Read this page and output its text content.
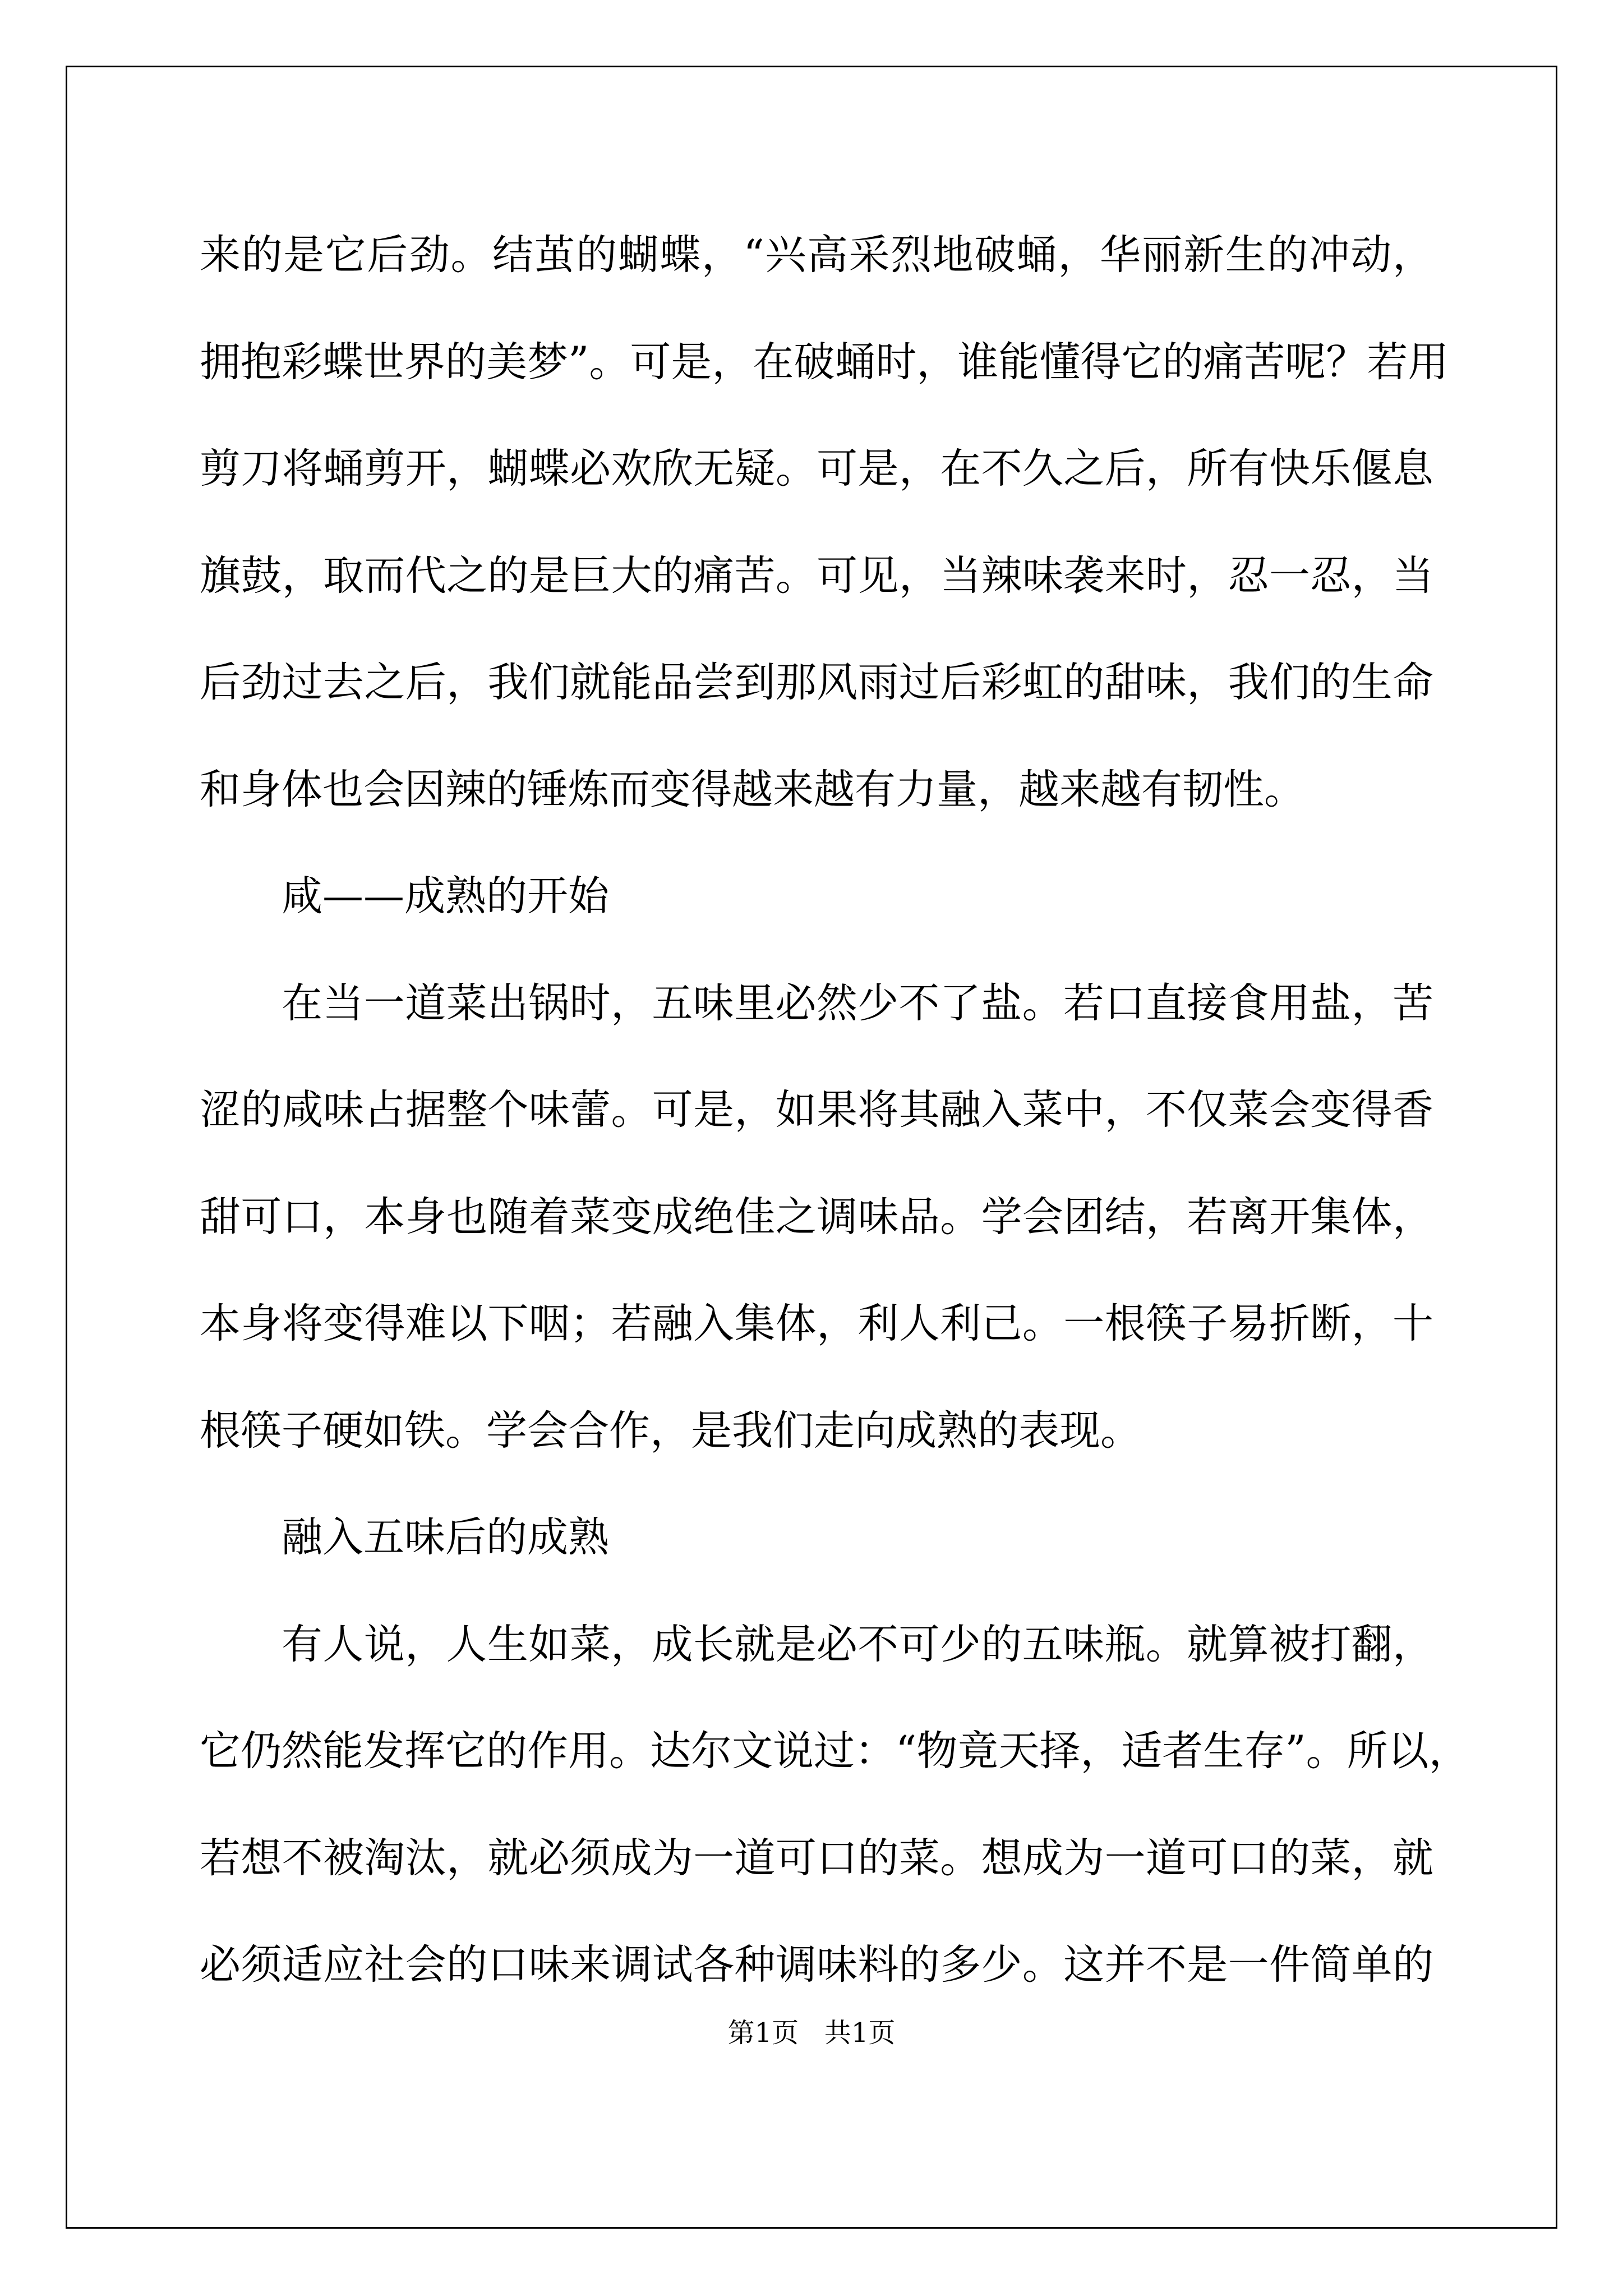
来的是它后劲。结茧的蝴蝶，“兴高采烈地破蛹，华丽新生的冲动，
拥抱彩蝶世界的美梦”。可是，在破蛹时，谁能懂得它的痛苦呢？若用
剪刀将蛹剪开，蝴蝶必欢欣无疑。可是，在不久之后，所有快乐偃息
旗鼓，取而代之的是巨大的痛苦。可见，当辣味袭来时，忍一忍，当
后劲过去之后，我们就能品尝到那风雨过后彩虹的甜味，我们的生命
和身体也会因辣的锤炼而变得越来越有力量，越来越有韧性。
咸——成熟的开始
在当一道菜出锅时，五味里必然少不了盐。若口直接食用盐，苦
涩的咸味占据整个味蕾。可是，如果将其融入菜中，不仅菜会变得香
甜可口，本身也随着菜变成绝佳之调味品。学会团结，若离开集体，
本身将变得难以下咽；若融入集体，利人利己。一根筷子易折断，十
根筷子硬如铁。学会合作，是我们走向成熟的表现。
融入五味后的成熟
有人说，人生如菜，成长就是必不可少的五味瓶。就算被打翻，
它仍然能发挥它的作用。达尔文说过：“物竟天择，适者生存”。所以，
若想不被淘汰，就必须成为一道可口的菜。想成为一道可口的菜，就
必须适应社会的口味来调试各种调味料的多少。这并不是一件简单的
第1页   共1页
